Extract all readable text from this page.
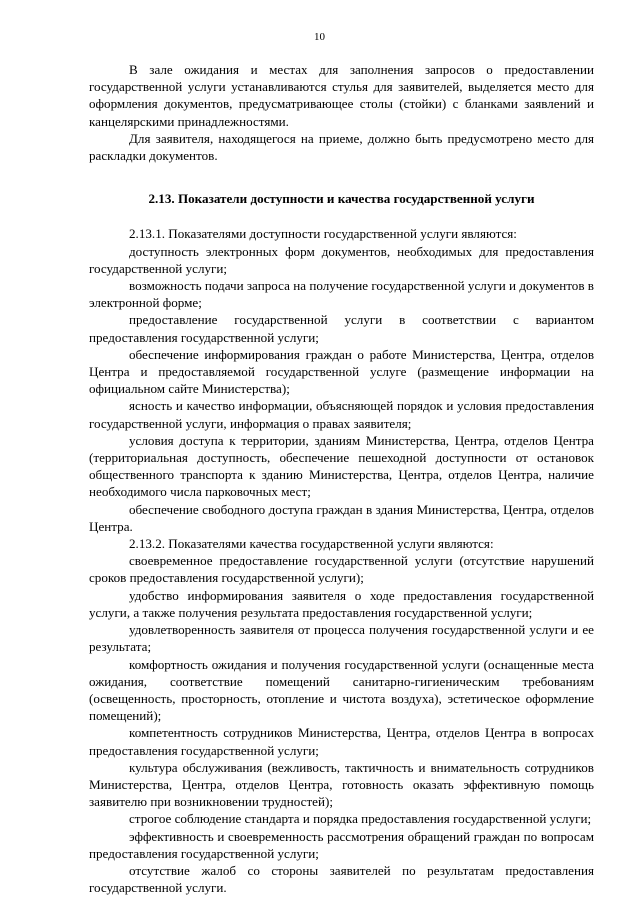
10

В зале ожидания и местах для заполнения запросов о предоставлении государственной услуги устанавливаются стулья для заявителей, выделяется место для оформления документов, предусматривающее столы (стойки) с бланками заявлений и канцелярскими принадлежностями.

Для заявителя, находящегося на приеме, должно быть предусмотрено место для раскладки документов.

2.13. Показатели доступности и качества государственной услуги

2.13.1. Показателями доступности государственной услуги являются:

доступность электронных форм документов, необходимых для предоставления государственной услуги;

возможность подачи запроса на получение государственной услуги и документов в электронной форме;

предоставление государственной услуги в соответствии с вариантом предоставления государственной услуги;

обеспечение информирования граждан о работе Министерства, Центра, отделов Центра и предоставляемой государственной услуге (размещение информации на официальном сайте Министерства);

ясность и качество информации, объясняющей порядок и условия предоставления государственной услуги, информация о правах заявителя;

условия доступа к территории, зданиям Министерства, Центра, отделов Центра (территориальная доступность, обеспечение пешеходной доступности от остановок общественного транспорта к зданию Министерства, Центра, отделов Центра, наличие необходимого числа парковочных мест;

обеспечение свободного доступа граждан в здания Министерства, Центра, отделов Центра.

2.13.2. Показателями качества государственной услуги являются:

своевременное предоставление государственной услуги (отсутствие нарушений сроков предоставления государственной услуги);

удобство информирования заявителя о ходе предоставления государственной услуги, а также получения результата предоставления государственной услуги;

удовлетворенность заявителя от процесса получения государственной услуги и ее результата;

комфортность ожидания и получения государственной услуги (оснащенные места ожидания, соответствие помещений санитарно-гигиеническим требованиям (освещенность, просторность, отопление и чистота воздуха), эстетическое оформление помещений);

компетентность сотрудников Министерства, Центра, отделов Центра в вопросах предоставления государственной услуги;

культура обслуживания (вежливость, тактичность и внимательность сотрудников Министерства, Центра, отделов Центра, готовность оказать эффективную помощь заявителю при возникновении трудностей);

строгое соблюдение стандарта и порядка предоставления государственной услуги;

эффективность и своевременность рассмотрения обращений граждан по вопросам предоставления государственной услуги;

отсутствие жалоб со стороны заявителей по результатам предоставления государственной услуги.
